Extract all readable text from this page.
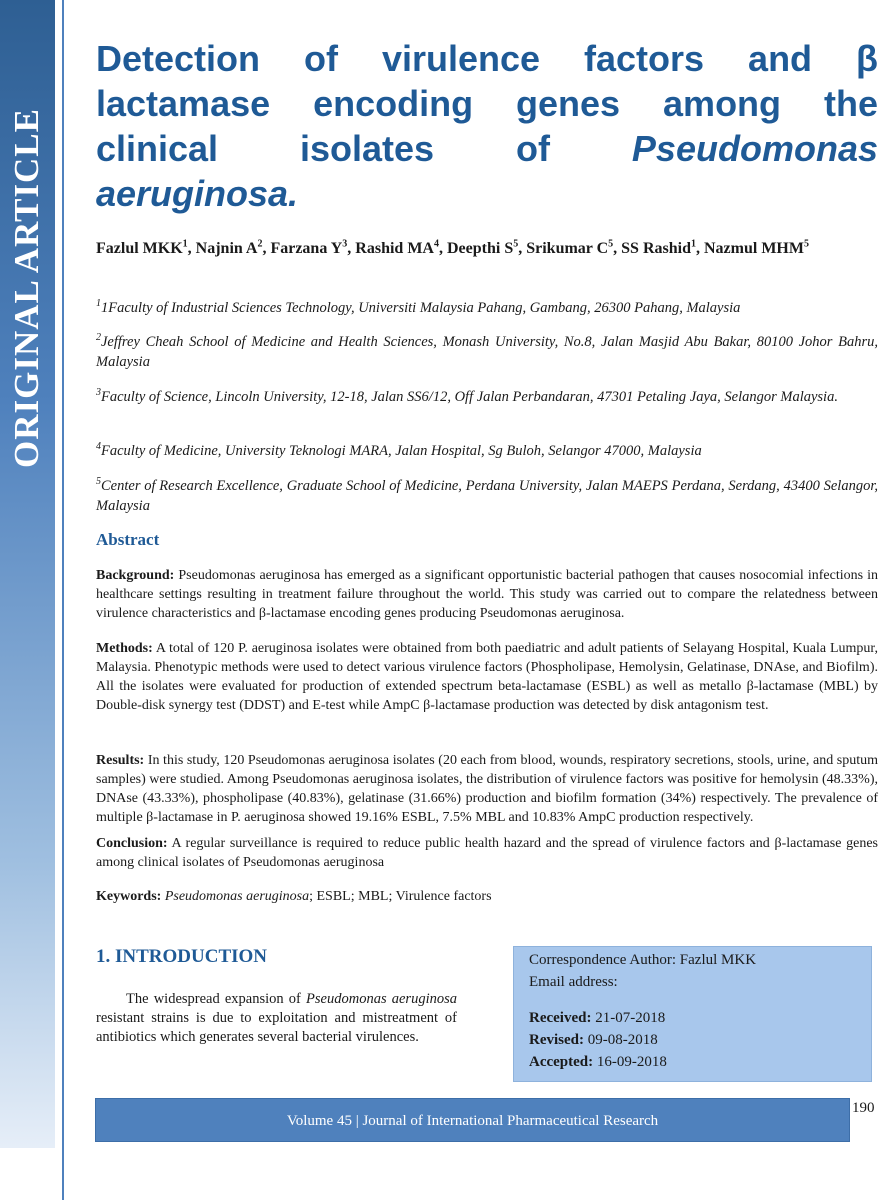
ORIGINAL ARTICLE
Detection of virulence factors and β
lactamase encoding genes among the
clinical isolates of Pseudomonas
aeruginosa.

Fazlul MKK$^1$, Najnin $A^2$, Farzana $Y^3$, Rashid $MA^4$, Deepthi $S^5$, Srikumar $C^5$, SS Rashid$^1$, Nazmul MHM$^5$

$^1$1Faculty of Industrial Sciences Technology, Universiti Malaysia Pahang, Gambang, 26300 Pahang, Malaysia

$^2$Jeffrey Cheah School of Medicine and Health Sciences, Monash University, No.8, Jalan Masjid Abu Bakar, 80100 Johor Bahru, Malaysia

$^3$Faculty of Science, Lincoln University, 12-18, Jalan SS6/12, Off Jalan Perbandaran, 47301 Petaling Jaya, Selangor Malaysia.

$^4$Faculty of Medicine, University Teknologi MARA, Jalan Hospital, Sg Buloh, Selangor 47000, Malaysia

$^5$Center of Research Excellence, Graduate School of Medicine, Perdana University, Jalan MAEPS Perdana, Serdang, 43400 Selangor, Malaysia

Abstract

Background: Pseudomonas aeruginosa has emerged as a significant opportunistic bacterial pathogen that causes nosocomial infections in healthcare settings resulting in treatment failure throughout the world. This study was carried out to compare the relatedness between virulence characteristics and β-lactamase encoding genes producing Pseudomonas aeruginosa.

Methods: A total of 120 P. aeruginosa isolates were obtained from both paediatric and adult patients of Selayang Hospital, Kuala Lumpur, Malaysia. Phenotypic methods were used to detect various virulence factors (Phospholipase, Hemolysin, Gelatinase, DNAse, and Biofilm). All the isolates were evaluated for production of extended spectrum beta-lactamase (ESBL) as well as metallo β-lactamase (MBL) by Double-disk synergy test (DDST) and E-test while AmpC β-lactamase production was detected by disk antagonism test.

Results: In this study, 120 Pseudomonas aeruginosa isolates (20 each from blood, wounds, respiratory secretions, stools, urine, and sputum samples) were studied. Among Pseudomonas aeruginosa isolates, the distribution of virulence factors was positive for hemolysin (48.33%), DNAse (43.33%), phospholipase (40.83%), gelatinase (31.66%) production and biofilm formation (34%) respectively. The prevalence of multiple β-lactamase in P. aeruginosa showed 19.16% ESBL, 7.5% MBL and 10.83% AmpC production respectively.

Conclusion: A regular surveillance is required to reduce public health hazard and the spread of virulence factors and β-lactamase genes among clinical isolates of Pseudomonas aeruginosa

Keywords: Pseudomonas aeruginosa; ESBL; MBL; Virulence factors

1. INTRODUCTION

The widespread expansion of Pseudomonas aeruginosa resistant strains is due to exploitation and mistreatment of antibiotics which generates several bacterial virulences.

Correspondence Author: Fazlul MKK
Email address:
Received: 21-07-2018
Revised: 09-08-2018
Accepted: 16-09-2018
190
Volume 45 | Journal of International Pharmaceutical Research
